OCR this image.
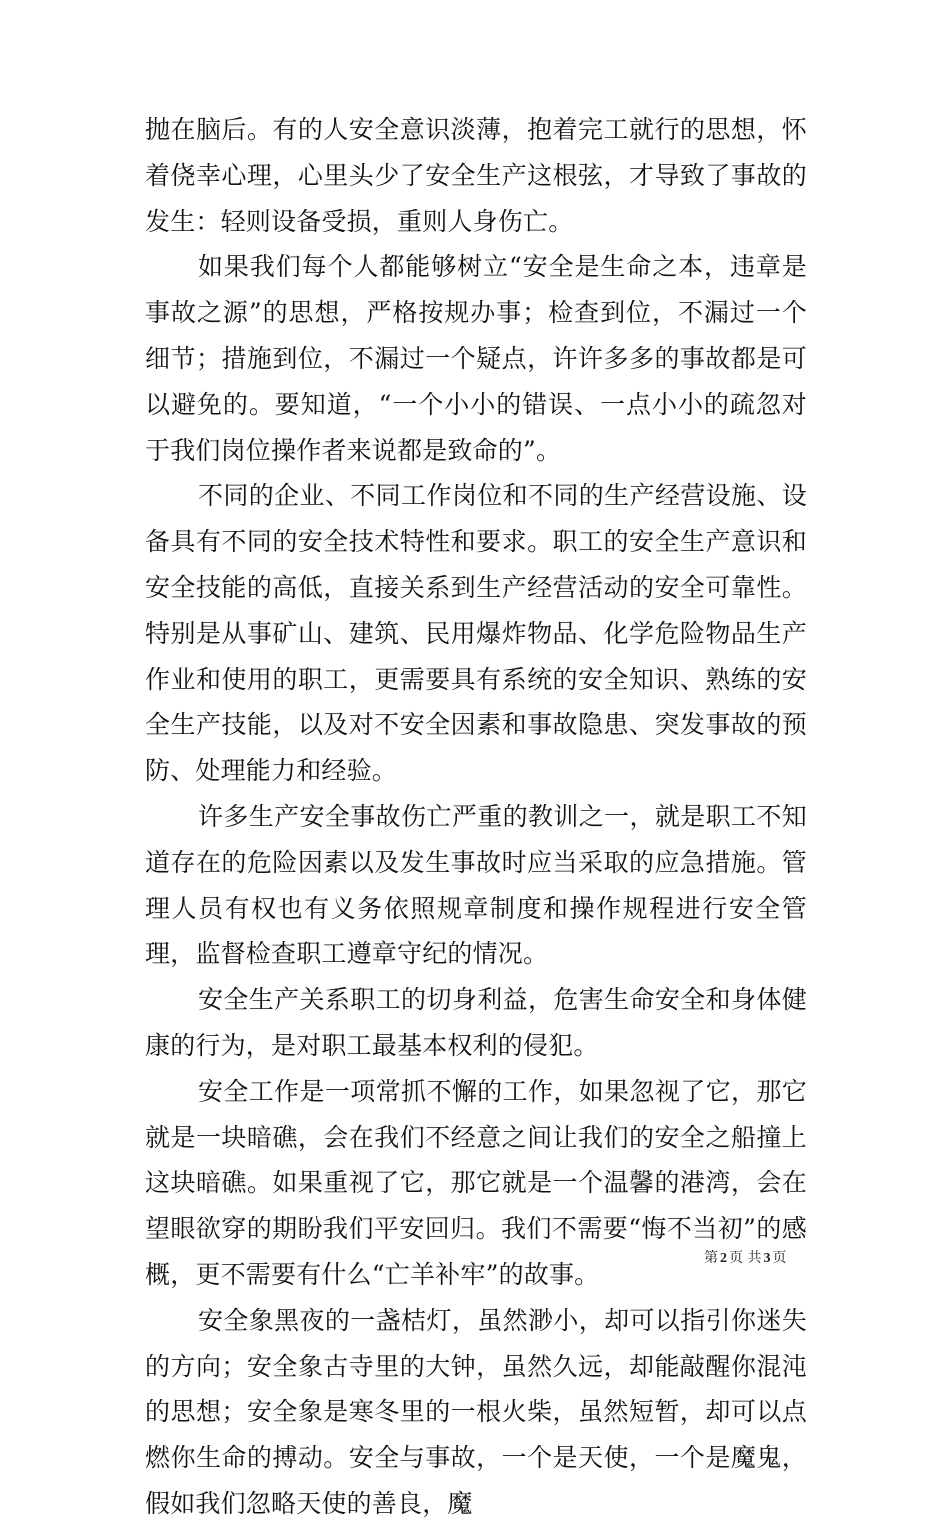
抛在脑后。有的人安全意识淡薄，抱着完工就行的思想，怀着侥幸心理，心里头少了安全生产这根弦，才导致了事故的发生：轻则设备受损，重则人身伤亡。

如果我们每个人都能够树立“安全是生命之本，违章是事故之源”的思想，严格按规办事；检查到位，不漏过一个细节；措施到位，不漏过一个疑点，许许多多的事故都是可以避免的。要知道，“一个小小的错误、一点小小的疏忽对于我们岗位操作者来说都是致命的”。

不同的企业、不同工作岗位和不同的生产经营设施、设备具有不同的安全技术特性和要求。职工的安全生产意识和安全技能的高低，直接关系到生产经营活动的安全可靠性。特别是从事矿山、建筑、民用爆炸物品、化学危险物品生产作业和使用的职工，更需要具有系统的安全知识、熟练的安全生产技能，以及对不安全因素和事故隐患、突发事故的预防、处理能力和经验。

许多生产安全事故伤亡严重的教训之一，就是职工不知道存在的危险因素以及发生事故时应当采取的应急措施。管理人员有权也有义务依照规章制度和操作规程进行安全管理，监督检查职工遵章守纪的情况。

安全生产关系职工的切身利益，危害生命安全和身体健康的行为，是对职工最基本权利的侵犯。

安全工作是一项常抓不懈的工作，如果忽视了它，那它就是一块暗礁，会在我们不经意之间让我们的安全之船撞上这块暗礁。如果重视了它，那它就是一个温馨的港湾，会在望眼欲穿的期盼我们平安回归。我们不需要“悔不当初”的感概，更不需要有什么“亡羊补牢”的故事。

安全象黑夜的一盏桔灯，虽然渺小，却可以指引你迷失的方向；安全象古寺里的大钟，虽然久远，却能敲醒你混沌的思想；安全象是寒冬里的一根火柴，虽然短暂，却可以点燃你生命的搏动。安全与事故，一个是天使，一个是魔鬼，假如我们忽略天使的善良，魔

第 2 页 共 3 页
